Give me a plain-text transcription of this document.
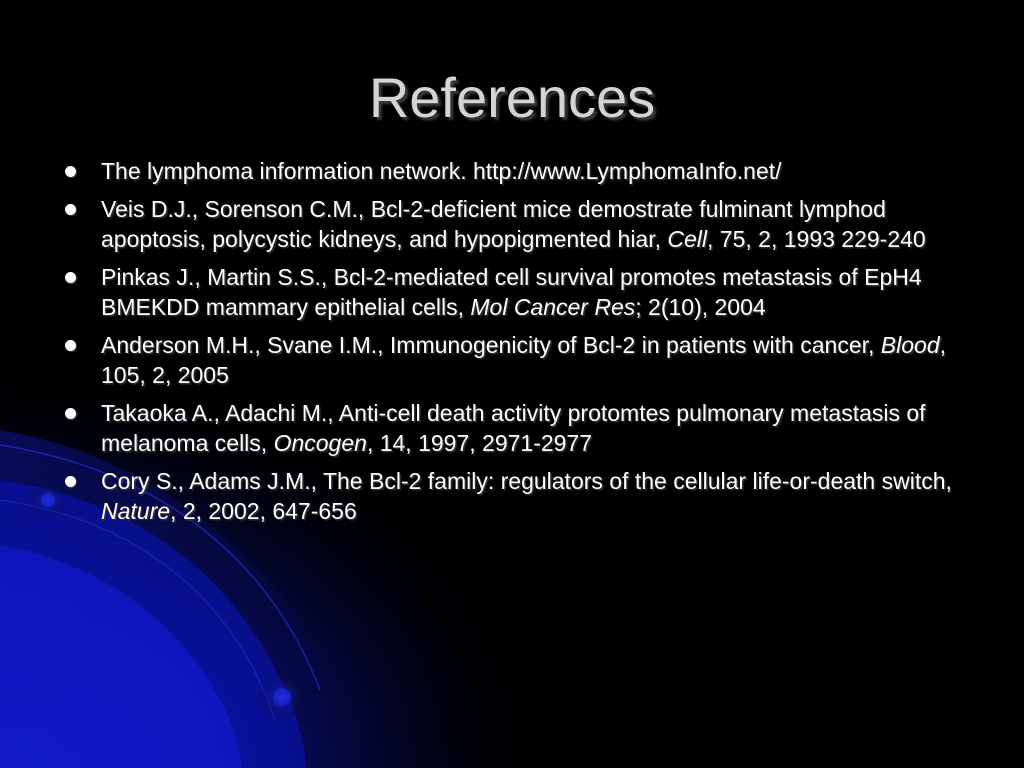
References
The lymphoma information network. http://www.LymphomaInfo.net/
Veis D.J., Sorenson C.M., Bcl-2-deficient mice demostrate fulminant lymphod apoptosis, polycystic kidneys, and hypopigmented hiar, Cell, 75, 2, 1993 229-240
Pinkas J., Martin S.S., Bcl-2-mediated cell survival promotes metastasis of EpH4 BMEKDD mammary epithelial cells, Mol Cancer Res; 2(10), 2004
Anderson M.H., Svane I.M., Immunogenicity of Bcl-2 in patients with cancer, Blood, 105, 2, 2005
Takaoka A., Adachi M., Anti-cell death activity protomtes pulmonary metastasis of melanoma cells, Oncogen, 14, 1997, 2971-2977
Cory S., Adams J.M., The Bcl-2 family: regulators of the cellular life-or-death switch, Nature, 2, 2002, 647-656
